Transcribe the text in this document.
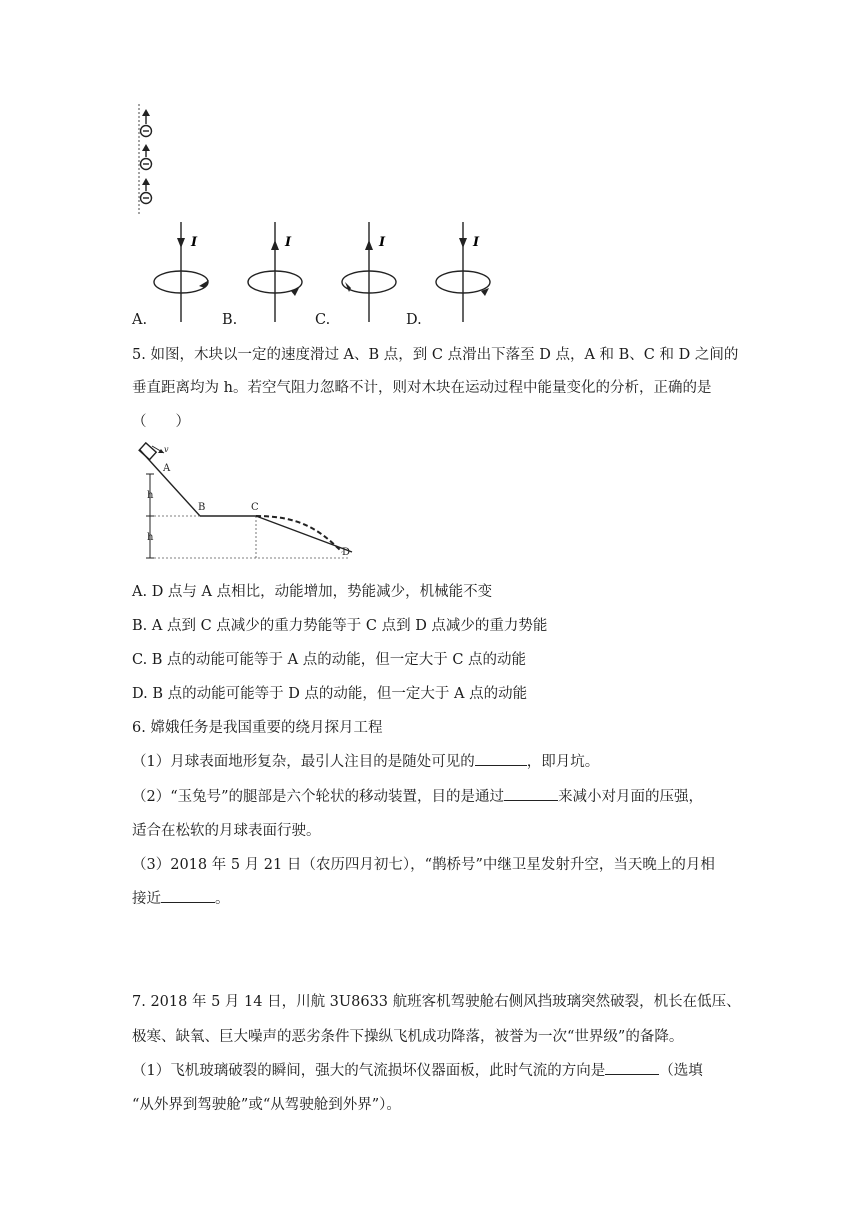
I	I	I	I
A.	B.	C.	D.
5. 如图，木块以一定的速度滑过 A、B 点，到 C 点滑出下落至 D 点，A 和 B、C 和 D 之间的
垂直距离均为 h。若空气阻力忽略不计，则对木块在运动过程中能量变化的分析，正确的是
（　　）
v
A
h
h
B	C
D
A. D 点与 A 点相比，动能增加，势能减少，机械能不变
B. A 点到 C 点减少的重力势能等于 C 点到 D 点减少的重力势能
C. B 点的动能可能等于 A 点的动能，但一定大于 C 点的动能
D. B 点的动能可能等于 D 点的动能，但一定大于 A 点的动能
6. 嫦娥任务是我国重要的绕月探月工程
（1）月球表面地形复杂，最引人注目的是随处可见的	，即月坑。
（2）“玉兔号”的腿部是六个轮状的移动装置，目的是通过	来减小对月面的压强，
适合在松软的月球表面行驶。
（3）2018 年 5 月 21 日（农历四月初七），“鹊桥号”中继卫星发射升空，当天晚上的月相
接近	。
7. 2018 年 5 月 14 日，川航 3U8633 航班客机驾驶舱右侧风挡玻璃突然破裂，机长在低压、
极寒、缺氧、巨大噪声的恶劣条件下操纵飞机成功降落，被誉为一次“世界级”的备降。
（1）飞机玻璃破裂的瞬间，强大的气流损坏仪器面板，此时气流的方向是	（选填
“从外界到驾驶舱”或“从驾驶舱到外界”）。
